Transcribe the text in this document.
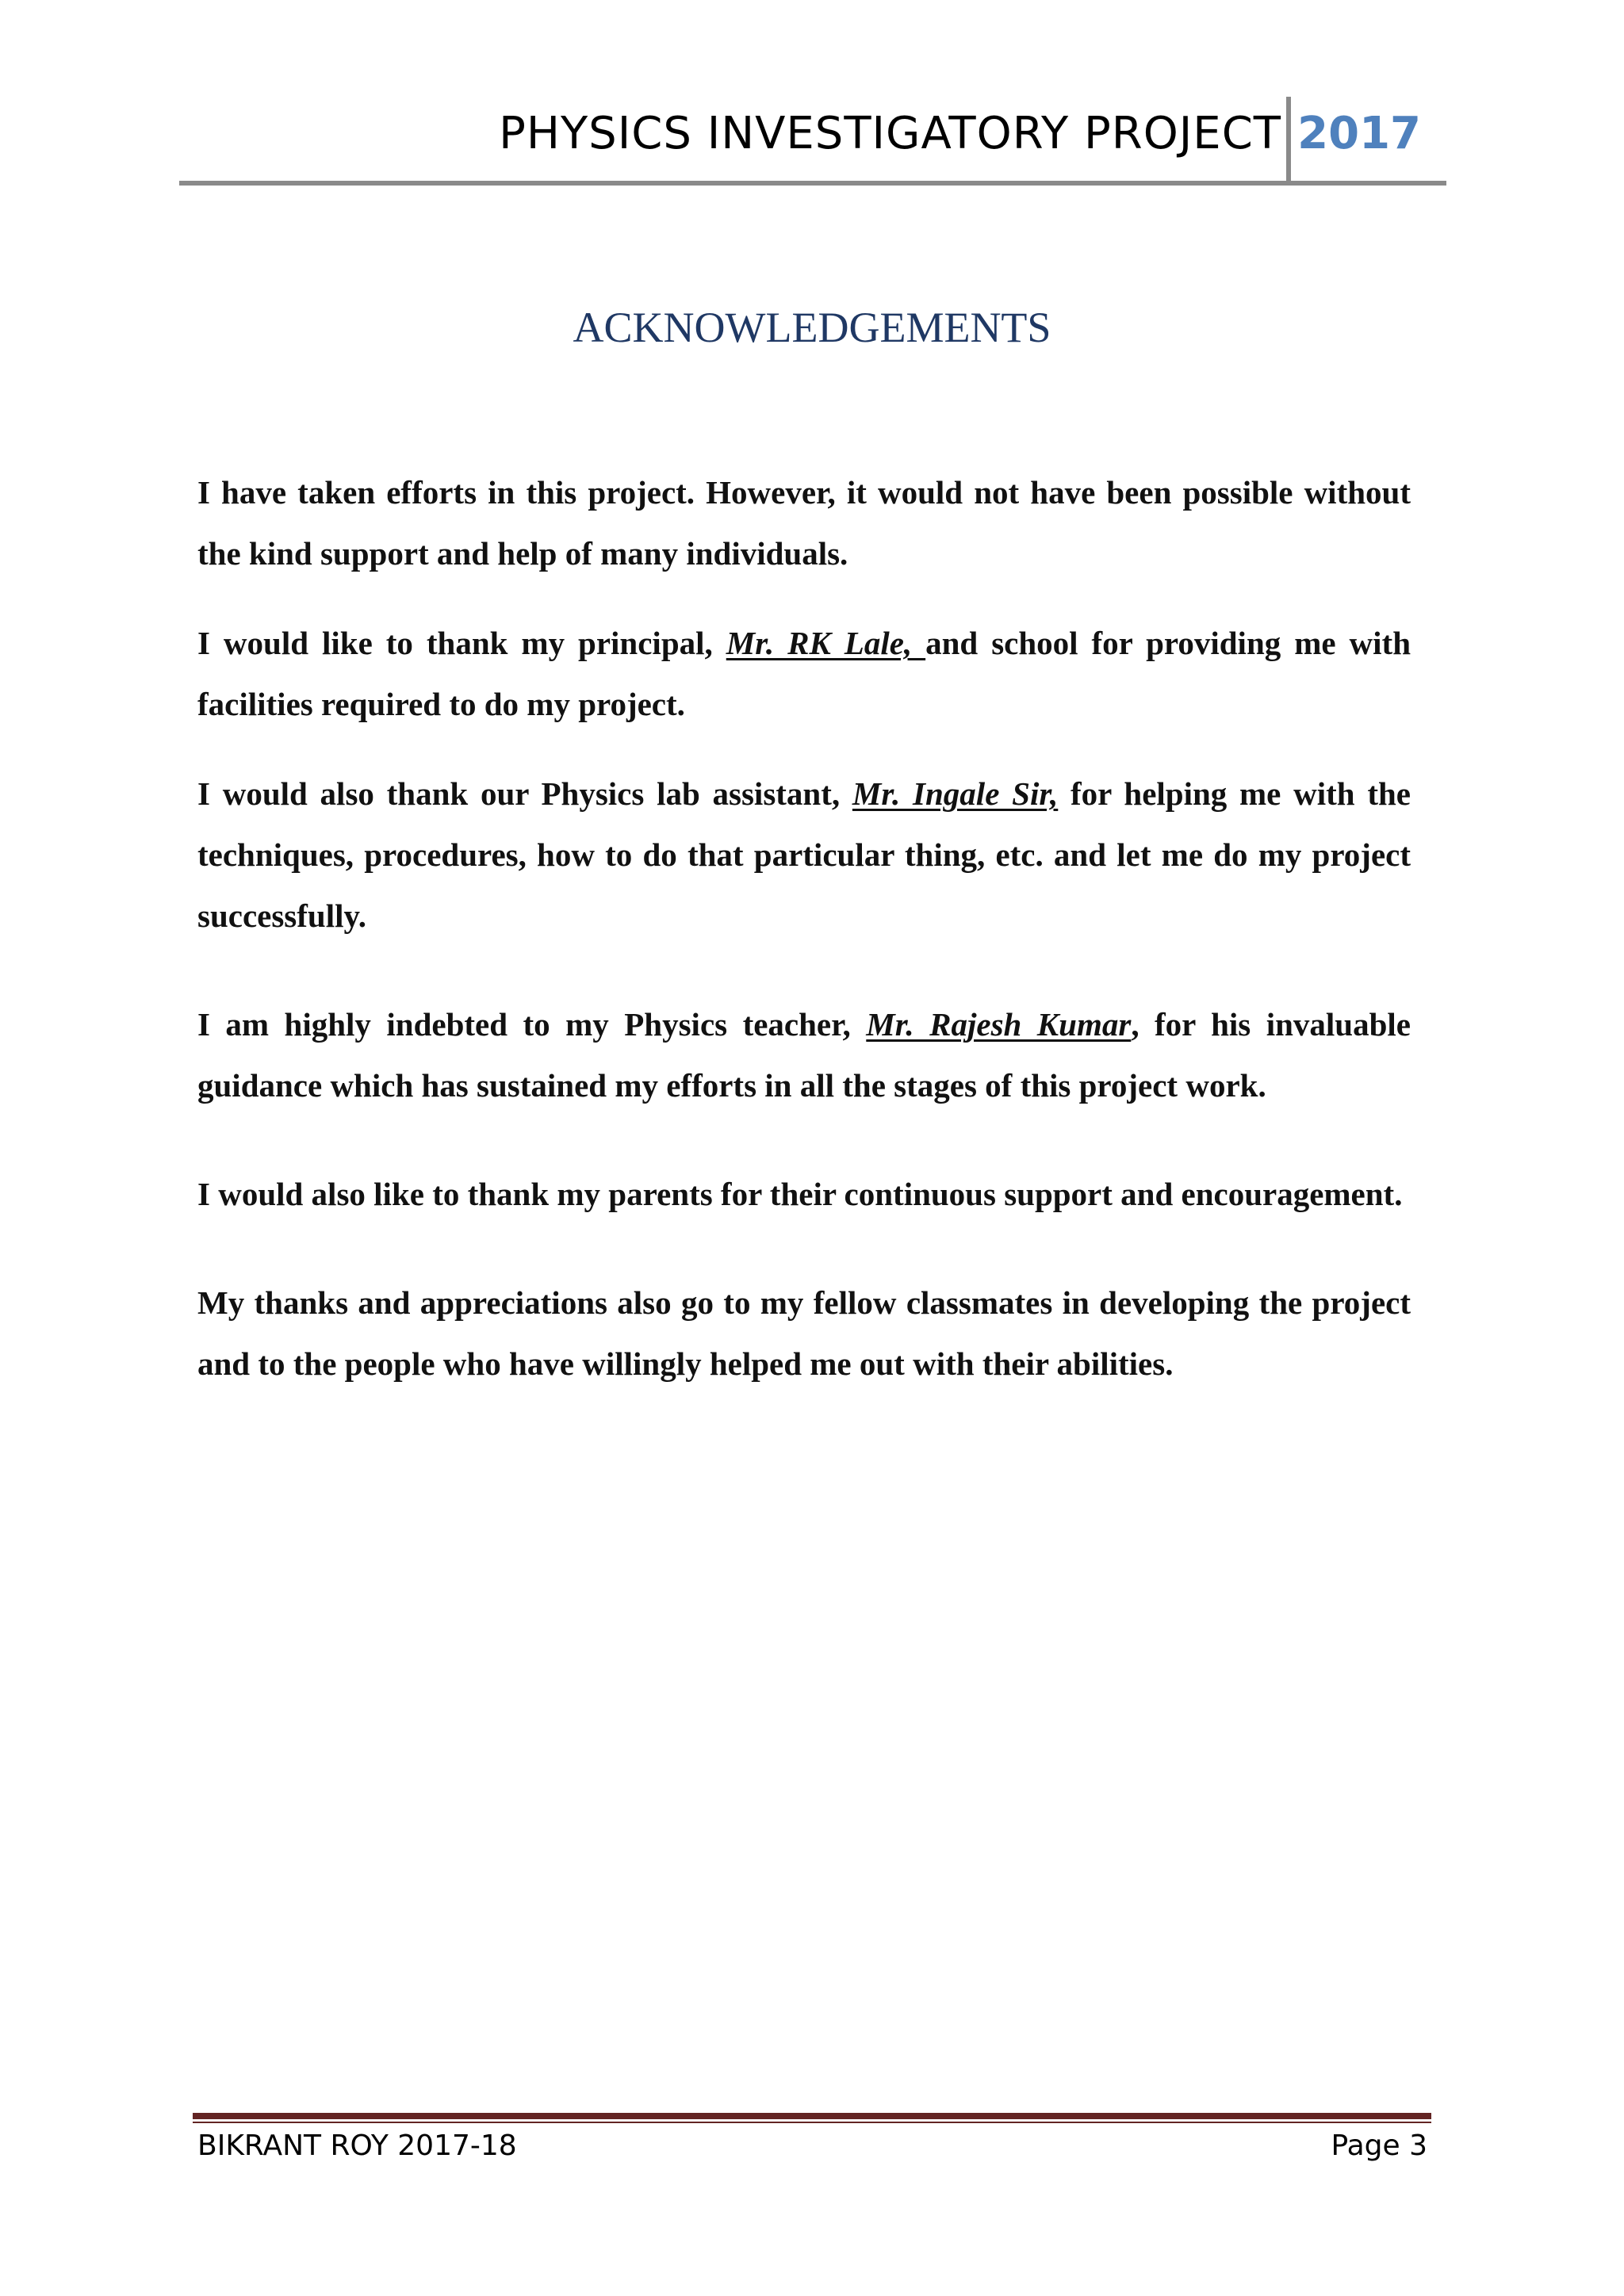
PHYSICS INVESTIGATORY PROJECT 2017
ACKNOWLEDGEMENTS

I have taken efforts in this project. However, it would not have been possible without the kind support and help of many individuals.

I would like to thank my principal, Mr. RK Lale, and school for providing me with facilities required to do my project.

I would also thank our Physics lab assistant, Mr. Ingale Sir, for helping me with the techniques, procedures, how to do that particular thing, etc. and let me do my project successfully.

I am highly indebted to my Physics teacher, Mr. Rajesh Kumar, for his invaluable guidance which has sustained my efforts in all the stages of this project work.

I would also like to thank my parents for their continuous support and encouragement.

My thanks and appreciations also go to my fellow classmates in developing the project and to the people who have willingly helped me out with their abilities.

BIKRANT ROY 2017-18	Page 3
